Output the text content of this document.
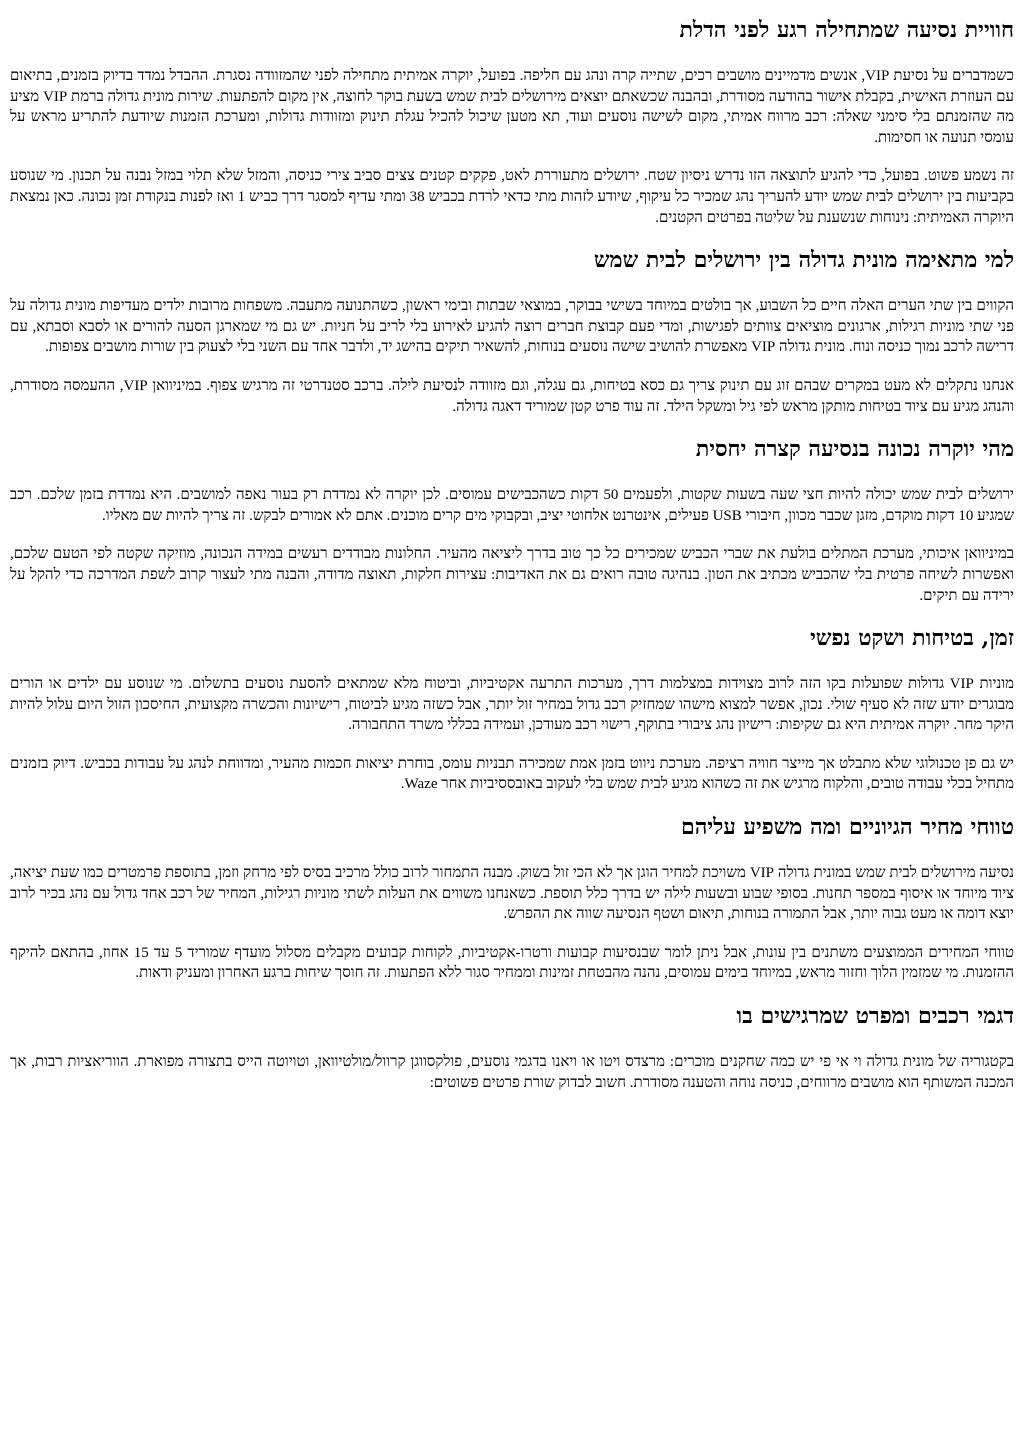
חוויית נסיעה שמתחילה רגע לפני הדלת

כשמדברים על נסיעת VIP, אנשים מדמיינים מושבים רכים, שתייה קרה ונהג עם חליפה. בפועל, יוקרה אמיתית מתחילה לפני שהמזוודה נסגרת. ההבדל נמדד בדיוק בזמנים, בתיאום עם העוזרת האישית, בקבלת אישור בהודעה מסודרת, ובהבנה שכשאתם יוצאים מירושלים לבית שמש בשעת בוקר לחוצה, אין מקום להפתעות. שירות מונית גדולה ברמת VIP מציע מה שהזמנתם בלי סימני שאלה: רכב מרווח אמיתי, מקום לשישה נוסעים ועוד, תא מטען שיכול להכיל עגלת תינוק ומזוודות גדולות, ומערכת הזמנות שיודעת להתריע מראש על עומסי תנועה או חסימות.

זה נשמע פשוט. בפועל, כדי להגיע לתוצאה הזו נדרש ניסיון שטח. ירושלים מתעוררת לאט, פקקים קטנים צצים סביב צירי כניסה, והמזל שלא תלוי במזל נבנה על תכנון. מי שנוסע בקביעות בין ירושלים לבית שמש יודע להעריך נהג שמכיר כל עיקוף, שיודע לזהות מתי כדאי לרדת בכביש 38 ומתי עדיף למסגר דרך כביש 1 ואז לפנות בנקודת זמן נכונה. כאן נמצאת היוקרה האמיתית: נינוחות שנשענת על שליטה בפרטים הקטנים.

למי מתאימה מונית גדולה בין ירושלים לבית שמש

הקווים בין שתי הערים האלה חיים כל השבוע, אך בולטים במיוחד בשישי בבוקר, במוצאי שבתות ובימי ראשון, כשהתנועה מתעבה. משפחות מרובות ילדים מעדיפות מונית גדולה על פני שתי מוניות רגילות, ארגונים מוציאים צוותים לפגישות, ומדי פעם קבוצת חברים רוצה להגיע לאירוע בלי לריב על חניות. יש גם מי שמארגן הסעה להורים או לסבא וסבתא, עם דרישה לרכב נמוך כניסה ונוח. מונית גדולה VIP מאפשרת להושיב שישה נוסעים בנוחות, להשאיר תיקים בהישג יד, ולדבר אחד עם השני בלי לצעוק בין שורות מושבים צפופות.

אנחנו נתקלים לא מעט במקרים שבהם זוג עם תינוק צריך גם כסא בטיחות, גם עגלה, וגם מזוודה לנסיעת לילה. ברכב סטנדרטי זה מרגיש צפוף. במיניוואן VIP, ההעמסה מסודרת, והנהג מגיע עם ציוד בטיחות מותקן מראש לפי גיל ומשקל הילד. זה עוד פרט קטן שמוריד דאגה גדולה.

מהי יוקרה נכונה בנסיעה קצרה יחסית

ירושלים לבית שמש יכולה להיות חצי שעה בשעות שקטות, ולפעמים 50 דקות כשהכבישים עמוסים. לכן יוקרה לא נמדדת רק בעור נאפה למושבים. היא נמדדת בזמן שלכם. רכב שמגיע 10 דקות מוקדם, מזגן שכבר מכוון, חיבורי USB פעילים, אינטרנט אלחוטי יציב, ובקבוקי מים קרים מוכנים. אתם לא אמורים לבקש. זה צריך להיות שם מאליו.

במיניוואן איכותי, מערכת המתלים בולעת את שברי הכביש שמכירים כל כך טוב בדרך ליציאה מהעיר. החלונות מבודדים רעשים במידה הנכונה, מוזיקה שקטה לפי הטעם שלכם, ואפשרות לשיחה פרטית בלי שהכביש מכתיב את הטון. בנהיגה טובה רואים גם את האדיבות: עצירות חלקות, תאוצה מדודה, והבנה מתי לעצור קרוב לשפת המדרכה כדי להקל על ירידה עם תיקים.

זמן, בטיחות ושקט נפשי

מוניות VIP גדולות שפועלות בקו הזה לרוב מצוידות במצלמות דרך, מערכות התרעה אקטיביות, וביטוח מלא שמתאים להסעת נוסעים בתשלום. מי שנוסע עם ילדים או הורים מבוגרים יודע שזה לא סעיף שולי. נכון, אפשר למצוא מישהו שמחזיק רכב גדול במחיר זול יותר, אבל כשזה מגיע לביטוח, רישיונות והכשרה מקצועית, החיסכון הזול היום עלול להיות היקר מחר. יוקרה אמיתית היא גם שקיפות: רישיון נהג ציבורי בתוקף, רישוי רכב מעודכן, ועמידה בכללי משרד התחבורה.

יש גם פן טכנולוגי שלא מתבלט אך מייצר חוויה רציפה. מערכת ניווט בזמן אמת שמכירה תבניות עומס, בוחרת יציאות חכמות מהעיר, ומדווחת לנהג על עבודות בכביש. דיוק בזמנים מתחיל בכלי עבודה טובים, והלקוח מרגיש את זה כשהוא מגיע לבית שמש בלי לעקוב באובססיביות אחר Waze.

טווחי מחיר הגיוניים ומה משפיע עליהם

נסיעה מירושלים לבית שמש במונית גדולה VIP משויכת למחיר הוגן אך לא הכי זול בשוק. מבנה התמחור לרוב כולל מרכיב בסיס לפי מרחק וזמן, בתוספת פרמטרים כמו שעת יציאה, ציוד מיוחד או איסוף במספר תחנות. בסופי שבוע ובשעות לילה יש בדרך כלל תוספת. כשאנחנו משווים את העלות לשתי מוניות רגילות, המחיר של רכב אחד גדול עם נהג בכיר לרוב יוצא דומה או מעט גבוה יותר, אבל התמורה בנוחות, תיאום ושטף הנסיעה שווה את ההפרש.

טווחי המחירים הממוצעים משתנים בין עונות, אבל ניתן לומר שבנסיעות קבועות ורטרו-אקטיביות, לקוחות קבועים מקבלים מסלול מועדף שמוריד 5 עד 15 אחוז, בהתאם להיקף ההזמנות. מי שמזמין הלוך וחזור מראש, במיוחד בימים עמוסים, נהנה מהבטחת זמינות וממחיר סגור ללא הפתעות. זה חוסך שיחות ברגע האחרון ומעניק ודאות.

דגמי רכבים ומפרט שמרגישים בו

בקטגוריה של מונית גדולה וי אי פי יש כמה שחקנים מוכרים: מרצדס ויטו או ויאנו בדגמי נוסעים, פולקסווגן קרוול/מולטיוואן, וטויוטה הייס בתצורה מפוארת. הווריאציות רבות, אך המכנה המשותף הוא מושבים מרווחים, כניסה נוחה והטענה מסודרת. חשוב לבדוק שורת פרטים פשוטים:
